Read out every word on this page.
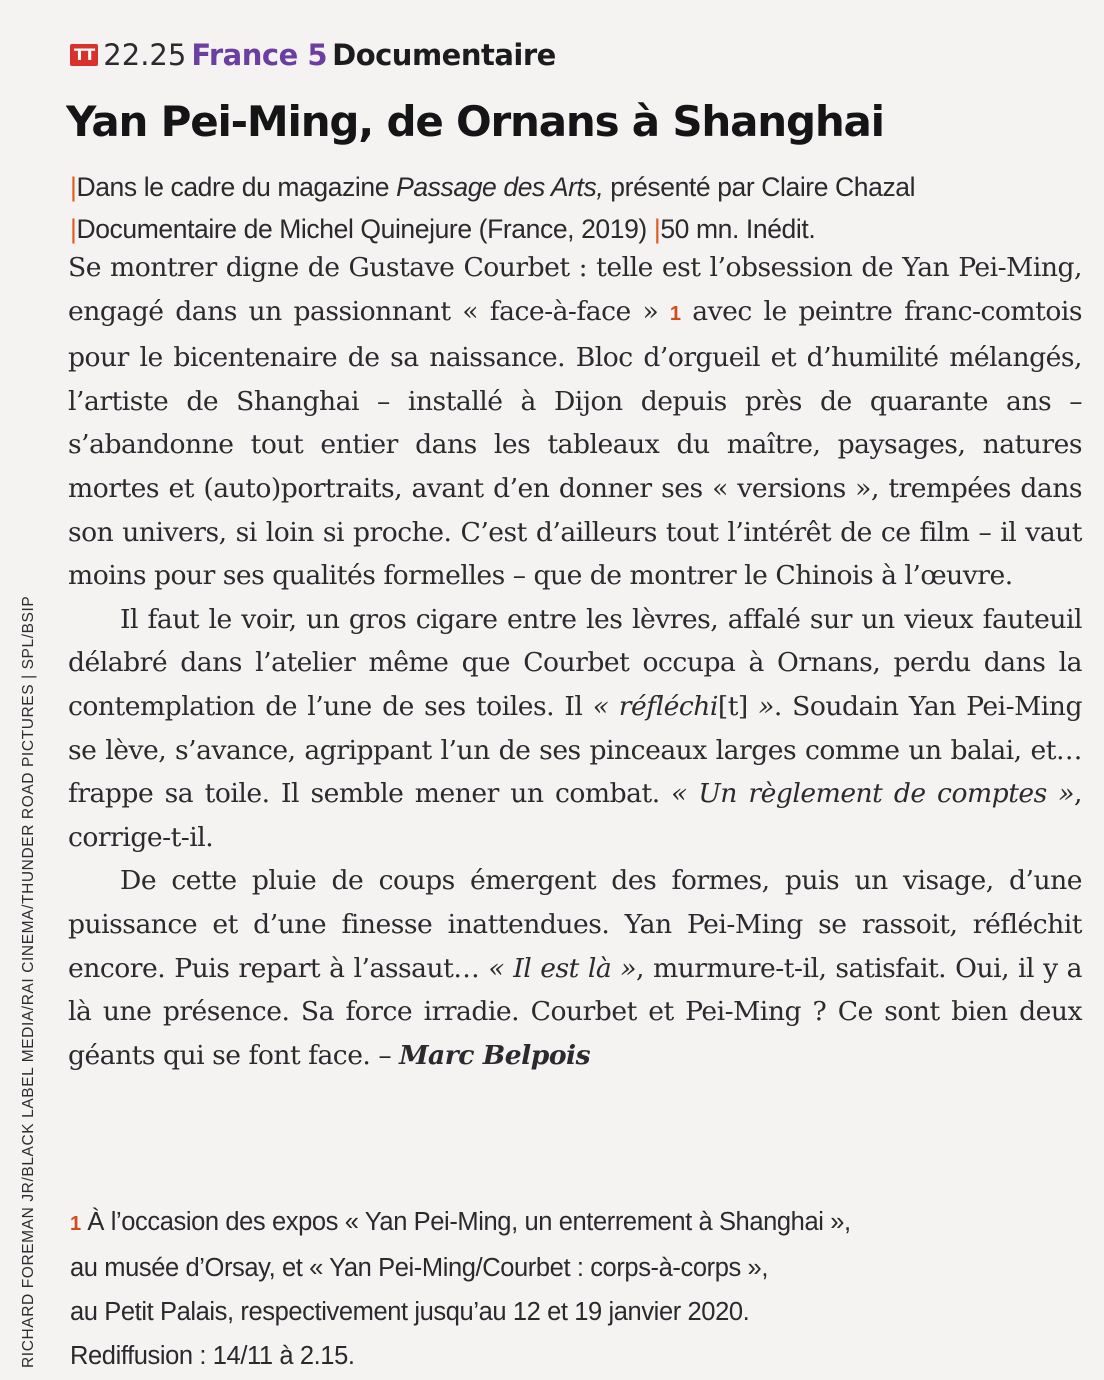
RICHARD FOREMAN JR/BLACK LABEL MEDIA/RAI CINEMA/THUNDER ROAD PICTURES | SPL/BSIP
TT 22.25 France 5 Documentaire
Yan Pei-Ming, de Ornans à Shanghai
|Dans le cadre du magazine Passage des Arts, présenté par Claire Chazal
|Documentaire de Michel Quinejure (France, 2019) |50 mn. Inédit.

Se montrer digne de Gustave Courbet : telle est l’obsession de Yan Pei-Ming, engagé dans un passionnant « face-à-face » 1 avec le peintre franc-comtois pour le bicentenaire de sa naissance. Bloc d’orgueil et d’humilité mélangés, l’artiste de Shanghai – installé à Dijon depuis près de quarante ans – s’abandonne tout entier dans les tableaux du maître, paysages, natures mortes et (auto)portraits, avant d’en donner ses « versions », trempées dans son univers, si loin si proche. C’est d’ailleurs tout l’intérêt de ce film – il vaut moins pour ses qualités formelles – que de montrer le Chinois à l’œuvre.

Il faut le voir, un gros cigare entre les lèvres, affalé sur un vieux fauteuil délabré dans l’atelier même que Courbet occupa à Ornans, perdu dans la contemplation de l’une de ses toiles. Il « réfléchi[t] ». Soudain Yan Pei-Ming se lève, s’avance, agrippant l’un de ses pinceaux larges comme un balai, et… frappe sa toile. Il semble mener un combat. « Un règlement de comptes », corrige-t-il.

De cette pluie de coups émergent des formes, puis un visage, d’une puissance et d’une finesse inattendues. Yan Pei-Ming se rassoit, réfléchit encore. Puis repart à l’assaut… « Il est là », murmure-t-il, satisfait. Oui, il y a là une présence. Sa force irradie. Courbet et Pei-Ming ? Ce sont bien deux géants qui se font face. – Marc Belpois

1 À l’occasion des expos « Yan Pei-Ming, un enterrement à Shanghai »,

au musée d’Orsay, et « Yan Pei-Ming/Courbet : corps-à-corps »,

au Petit Palais, respectivement jusqu’au 12 et 19 janvier 2020.

Rediffusion : 14/11 à 2.15.
